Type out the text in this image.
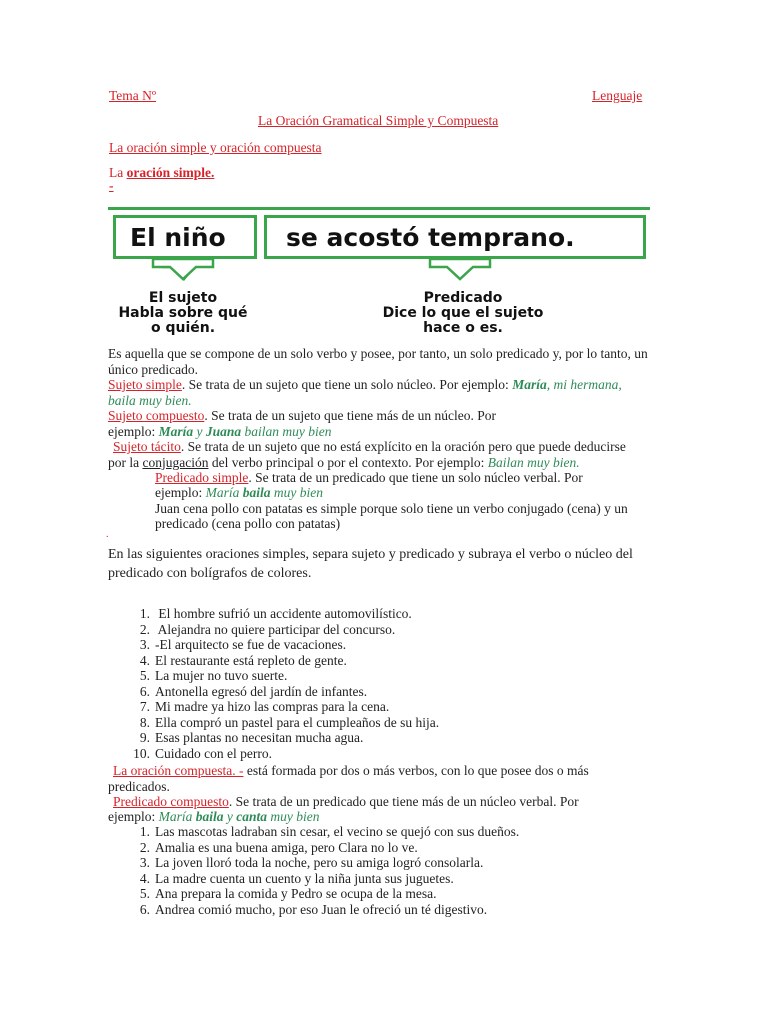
Tema Nº	Lenguaje
La Oración Gramatical Simple y Compuesta
La oración simple y oración compuesta
La oración simple.
-
El niño se acostó temprano.
El sujeto
Habla sobre qué
o quién.
Predicado
Dice lo que el sujeto
hace o es.
Es aquella que se compone de un solo verbo y posee, por tanto, un solo predicado y, por lo tanto, un único predicado.
Sujeto simple. Se trata de un sujeto que tiene un solo núcleo. Por ejemplo: María, mi hermana,
baila muy bien.
Sujeto compuesto. Se trata de un sujeto que tiene más de un núcleo. Por
ejemplo: María y Juana bailan muy bien
Sujeto tácito. Se trata de un sujeto que no está explícito en la oración pero que puede deducirse
por la conjugación del verbo principal o por el contexto. Por ejemplo: Bailan muy bien.
Predicado simple. Se trata de un predicado que tiene un solo núcleo verbal. Por
ejemplo: María baila muy bien
Juan cena pollo con patatas es simple porque solo tiene un verbo conjugado (cena) y un
predicado (cena pollo con patatas)
.
En las siguientes oraciones simples, separa sujeto y predicado y subraya el verbo o núcleo del
predicado con bolígrafos de colores.
1. El hombre sufrió un accidente automovilístico.
2. Alejandra no quiere participar del concurso.
3. -El arquitecto se fue de vacaciones.
4. El restaurante está repleto de gente.
5. La mujer no tuvo suerte.
6. Antonella egresó del jardín de infantes.
7. Mi madre ya hizo las compras para la cena.
8. Ella compró un pastel para el cumpleaños de su hija.
9. Esas plantas no necesitan mucha agua.
10. Cuidado con el perro.
La oración compuesta. - está formada por dos o más verbos, con lo que posee dos o más
predicados.
Predicado compuesto. Se trata de un predicado que tiene más de un núcleo verbal. Por
ejemplo: María baila y canta muy bien
1. Las mascotas ladraban sin cesar, el vecino se quejó con sus dueños.
2. Amalia es una buena amiga, pero Clara no lo ve.
3. La joven lloró toda la noche, pero su amiga logró consolarla.
4. La madre cuenta un cuento y la niña junta sus juguetes.
5. Ana prepara la comida y Pedro se ocupa de la mesa.
6. Andrea comió mucho, por eso Juan le ofreció un té digestivo.
